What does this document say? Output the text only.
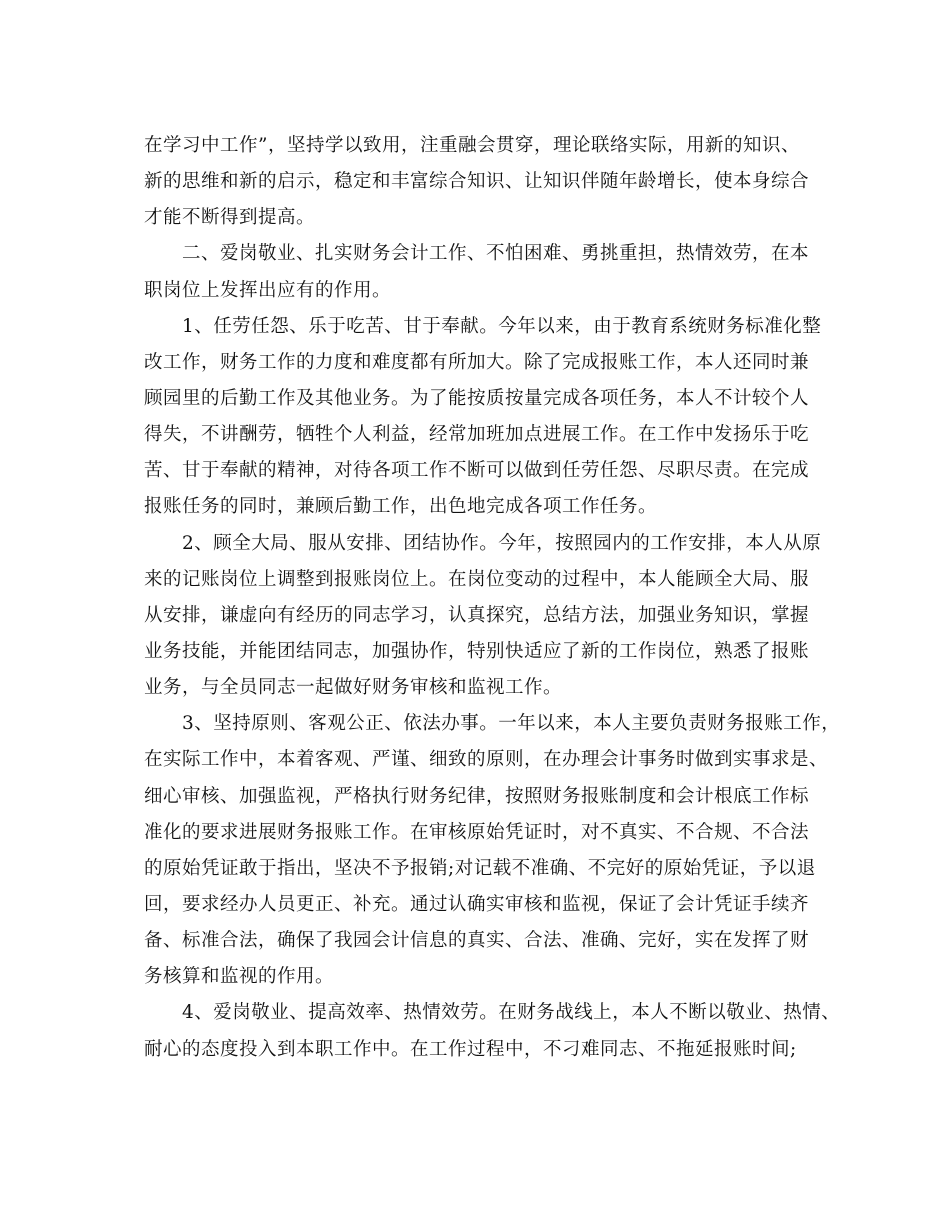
在学习中工作”，坚持学以致用，注重融会贯穿，理论联络实际，用新的知识、
新的思维和新的启示，稳定和丰富综合知识、让知识伴随年龄增长，使本身综合
才能不断得到提高。
　　二、爱岗敬业、扎实财务会计工作、不怕困难、勇挑重担，热情效劳，在本
职岗位上发挥出应有的作用。
　　1、任劳任怨、乐于吃苦、甘于奉献。今年以来，由于教育系统财务标准化整
改工作，财务工作的力度和难度都有所加大。除了完成报账工作，本人还同时兼
顾园里的后勤工作及其他业务。为了能按质按量完成各项任务，本人不计较个人
得失，不讲酬劳，牺牲个人利益，经常加班加点进展工作。在工作中发扬乐于吃
苦、甘于奉献的精神，对待各项工作不断可以做到任劳任怨、尽职尽责。在完成
报账任务的同时，兼顾后勤工作，出色地完成各项工作任务。
　　2、顾全大局、服从安排、团结协作。今年，按照园内的工作安排，本人从原
来的记账岗位上调整到报账岗位上。在岗位变动的过程中，本人能顾全大局、服
从安排，谦虚向有经历的同志学习，认真探究，总结方法，加强业务知识，掌握
业务技能，并能团结同志，加强协作，特别快适应了新的工作岗位，熟悉了报账
业务，与全员同志一起做好财务审核和监视工作。
　　3、坚持原则、客观公正、依法办事。一年以来，本人主要负责财务报账工作，
在实际工作中，本着客观、严谨、细致的原则，在办理会计事务时做到实事求是、
细心审核、加强监视，严格执行财务纪律，按照财务报账制度和会计根底工作标
准化的要求进展财务报账工作。在审核原始凭证时，对不真实、不合规、不合法
的原始凭证敢于指出，坚决不予报销;对记载不准确、不完好的原始凭证，予以退
回，要求经办人员更正、补充。通过认确实审核和监视，保证了会计凭证手续齐
备、标准合法，确保了我园会计信息的真实、合法、准确、完好，实在发挥了财
务核算和监视的作用。
　　4、爱岗敬业、提高效率、热情效劳。在财务战线上，本人不断以敬业、热情、
耐心的态度投入到本职工作中。在工作过程中，不刁难同志、不拖延报账时间;
